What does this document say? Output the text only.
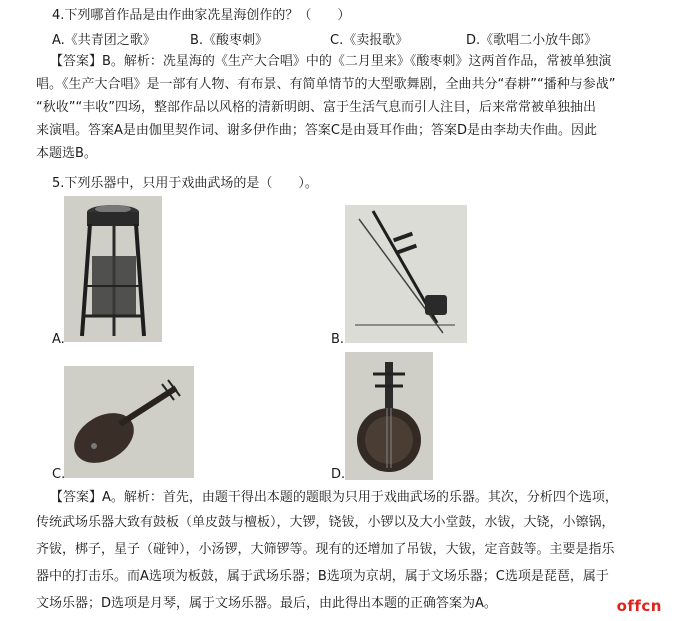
4.下列哪首作品是由作曲家冼星海创作的？（　　）
A.《共青团之歌》	B.《酸枣刺》	C.《卖报歌》	D.《歌唱二小放牛郎》
【答案】B。解析：冼星海的《生产大合唱》中的《二月里来》《酸枣刺》这两首作品，常被单独演
唱。《生产大合唱》是一部有人物、有布景、有简单情节的大型歌舞剧，全曲共分“春耕”“播种与参战”
“秋收”“丰收”四场，整部作品以风格的清新明朗、富于生活气息而引人注目，后来常常被单独抽出
来演唱。答案A是由伽里契作词、谢多伊作曲；答案C是由聂耳作曲；答案D是由李劫夫作曲。因此
本题选B。
5.下列乐器中，只用于戏曲武场的是（　　）。
A.	B.
C.	D.
【答案】A。解析：首先，由题干得出本题的题眼为只用于戏曲武场的乐器。其次，分析四个选项，
传统武场乐器大致有鼓板（单皮鼓与檀板），大锣，铙钹，小锣以及大小堂鼓，水钹，大铙，小镲锅，
齐钹，梆子，星子（碰钟），小汤锣，大筛锣等。现有的还增加了吊钹，大钹，定音鼓等。主要是指乐
器中的打击乐。而A选项为板鼓，属于武场乐器；B选项为京胡，属于文场乐器；C选项是琵琶，属于
文场乐器；D选项是月琴，属于文场乐器。最后，由此得出本题的正确答案为A。	offcn
